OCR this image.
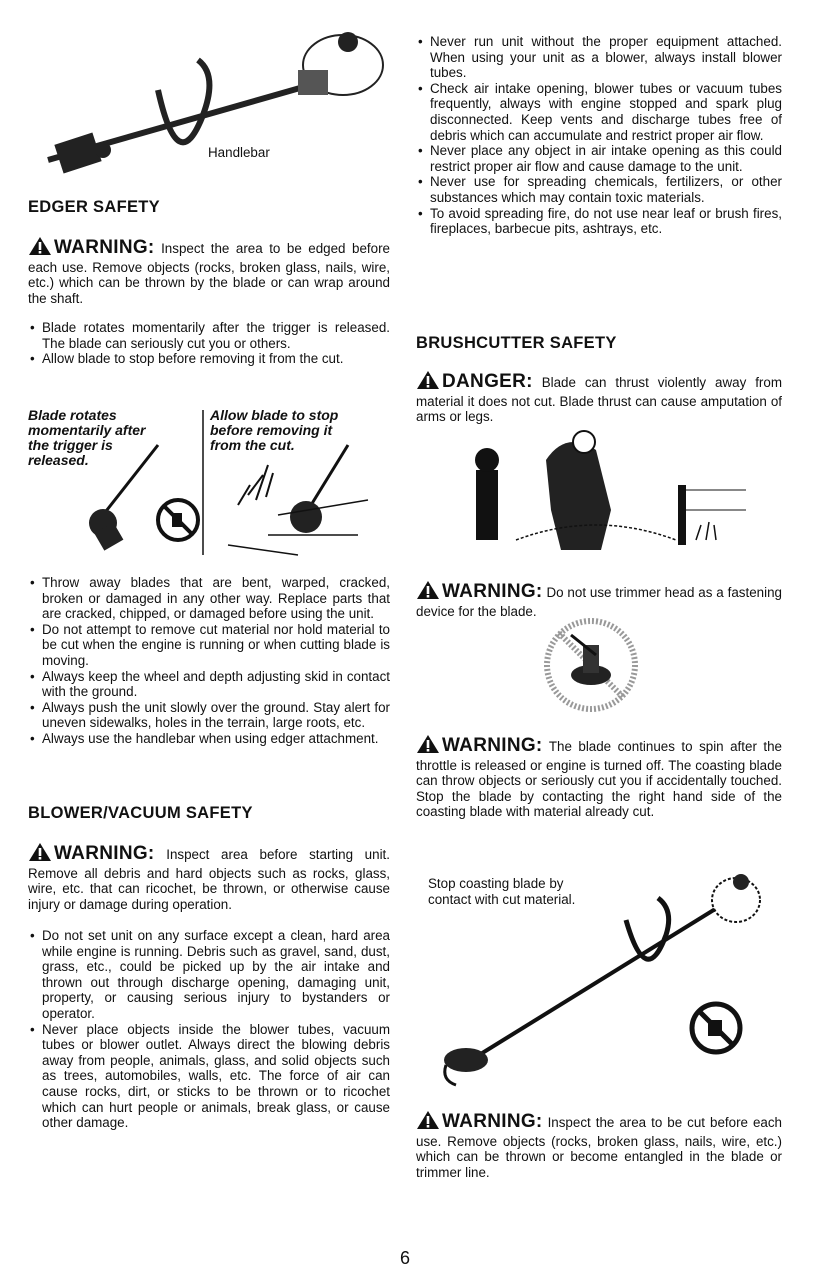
Handlebar
EDGER SAFETY

WARNING: Inspect the area to be edged before each use. Remove objects (rocks, broken glass, nails, wire, etc.) which can be thrown by the blade or can wrap around the shaft.

• Blade rotates momentarily after the trigger is released. The blade can seriously cut you or others.
• Allow blade to stop before removing it from the cut.
Blade rotates momentarily after the trigger is released.
Allow blade to stop before removing it from the cut.
• Throw away blades that are bent, warped, cracked, broken or damaged in any other way. Replace parts that are cracked, chipped, or damaged before using the unit.
• Do not attempt to remove cut material nor hold material to be cut when the engine is running or when cutting blade is moving.
• Always keep the wheel and depth adjusting skid in contact with the ground.
• Always push the unit slowly over the ground. Stay alert for uneven sidewalks, holes in the terrain, large roots, etc.
• Always use the handlebar when using edger attachment.
BLOWER/VACUUM SAFETY

WARNING: Inspect area before starting unit. Remove all debris and hard objects such as rocks, glass, wire, etc. that can ricochet, be thrown, or otherwise cause injury or damage during operation.

• Do not set unit on any surface except a clean, hard area while engine is running. Debris such as gravel, sand, dust, grass, etc., could be picked up by the air intake and thrown out through discharge opening, damaging unit, property, or causing serious injury to bystanders or operator.
• Never place objects inside the blower tubes, vacuum tubes or blower outlet. Always direct the blowing debris away from people, animals, glass, and solid objects such as trees, automobiles, walls, etc. The force of air can cause rocks, dirt, or sticks to be thrown or to ricochet which can hurt people or animals, break glass, or cause other damage.
• Never run unit without the proper equipment attached. When using your unit as a blower, always install blower tubes.
• Check air intake opening, blower tubes or vacuum tubes frequently, always with engine stopped and spark plug disconnected. Keep vents and discharge tubes free of debris which can accumulate and restrict proper air flow.
• Never place any object in air intake opening as this could restrict proper air flow and cause damage to the unit.
• Never use for spreading chemicals, fertilizers, or other substances which may contain toxic materials.
• To avoid spreading fire, do not use near leaf or brush fires, fireplaces, barbecue pits, ashtrays, etc.
BRUSHCUTTER SAFETY

DANGER: Blade can thrust violently away from material it does not cut. Blade thrust can cause amputation of arms or legs.

WARNING: Do not use trimmer head as a fastening device for the blade.

WARNING: The blade continues to spin after the throttle is released or engine is turned off. The coasting blade can throw objects or seriously cut you if accidentally touched. Stop the blade by contacting the right hand side of the coasting blade with material already cut.

Stop coasting blade by contact with cut material.

WARNING: Inspect the area to be cut before each use. Remove objects (rocks, broken glass, nails, wire, etc.) which can be thrown or become entangled in the blade or trimmer line.

6
